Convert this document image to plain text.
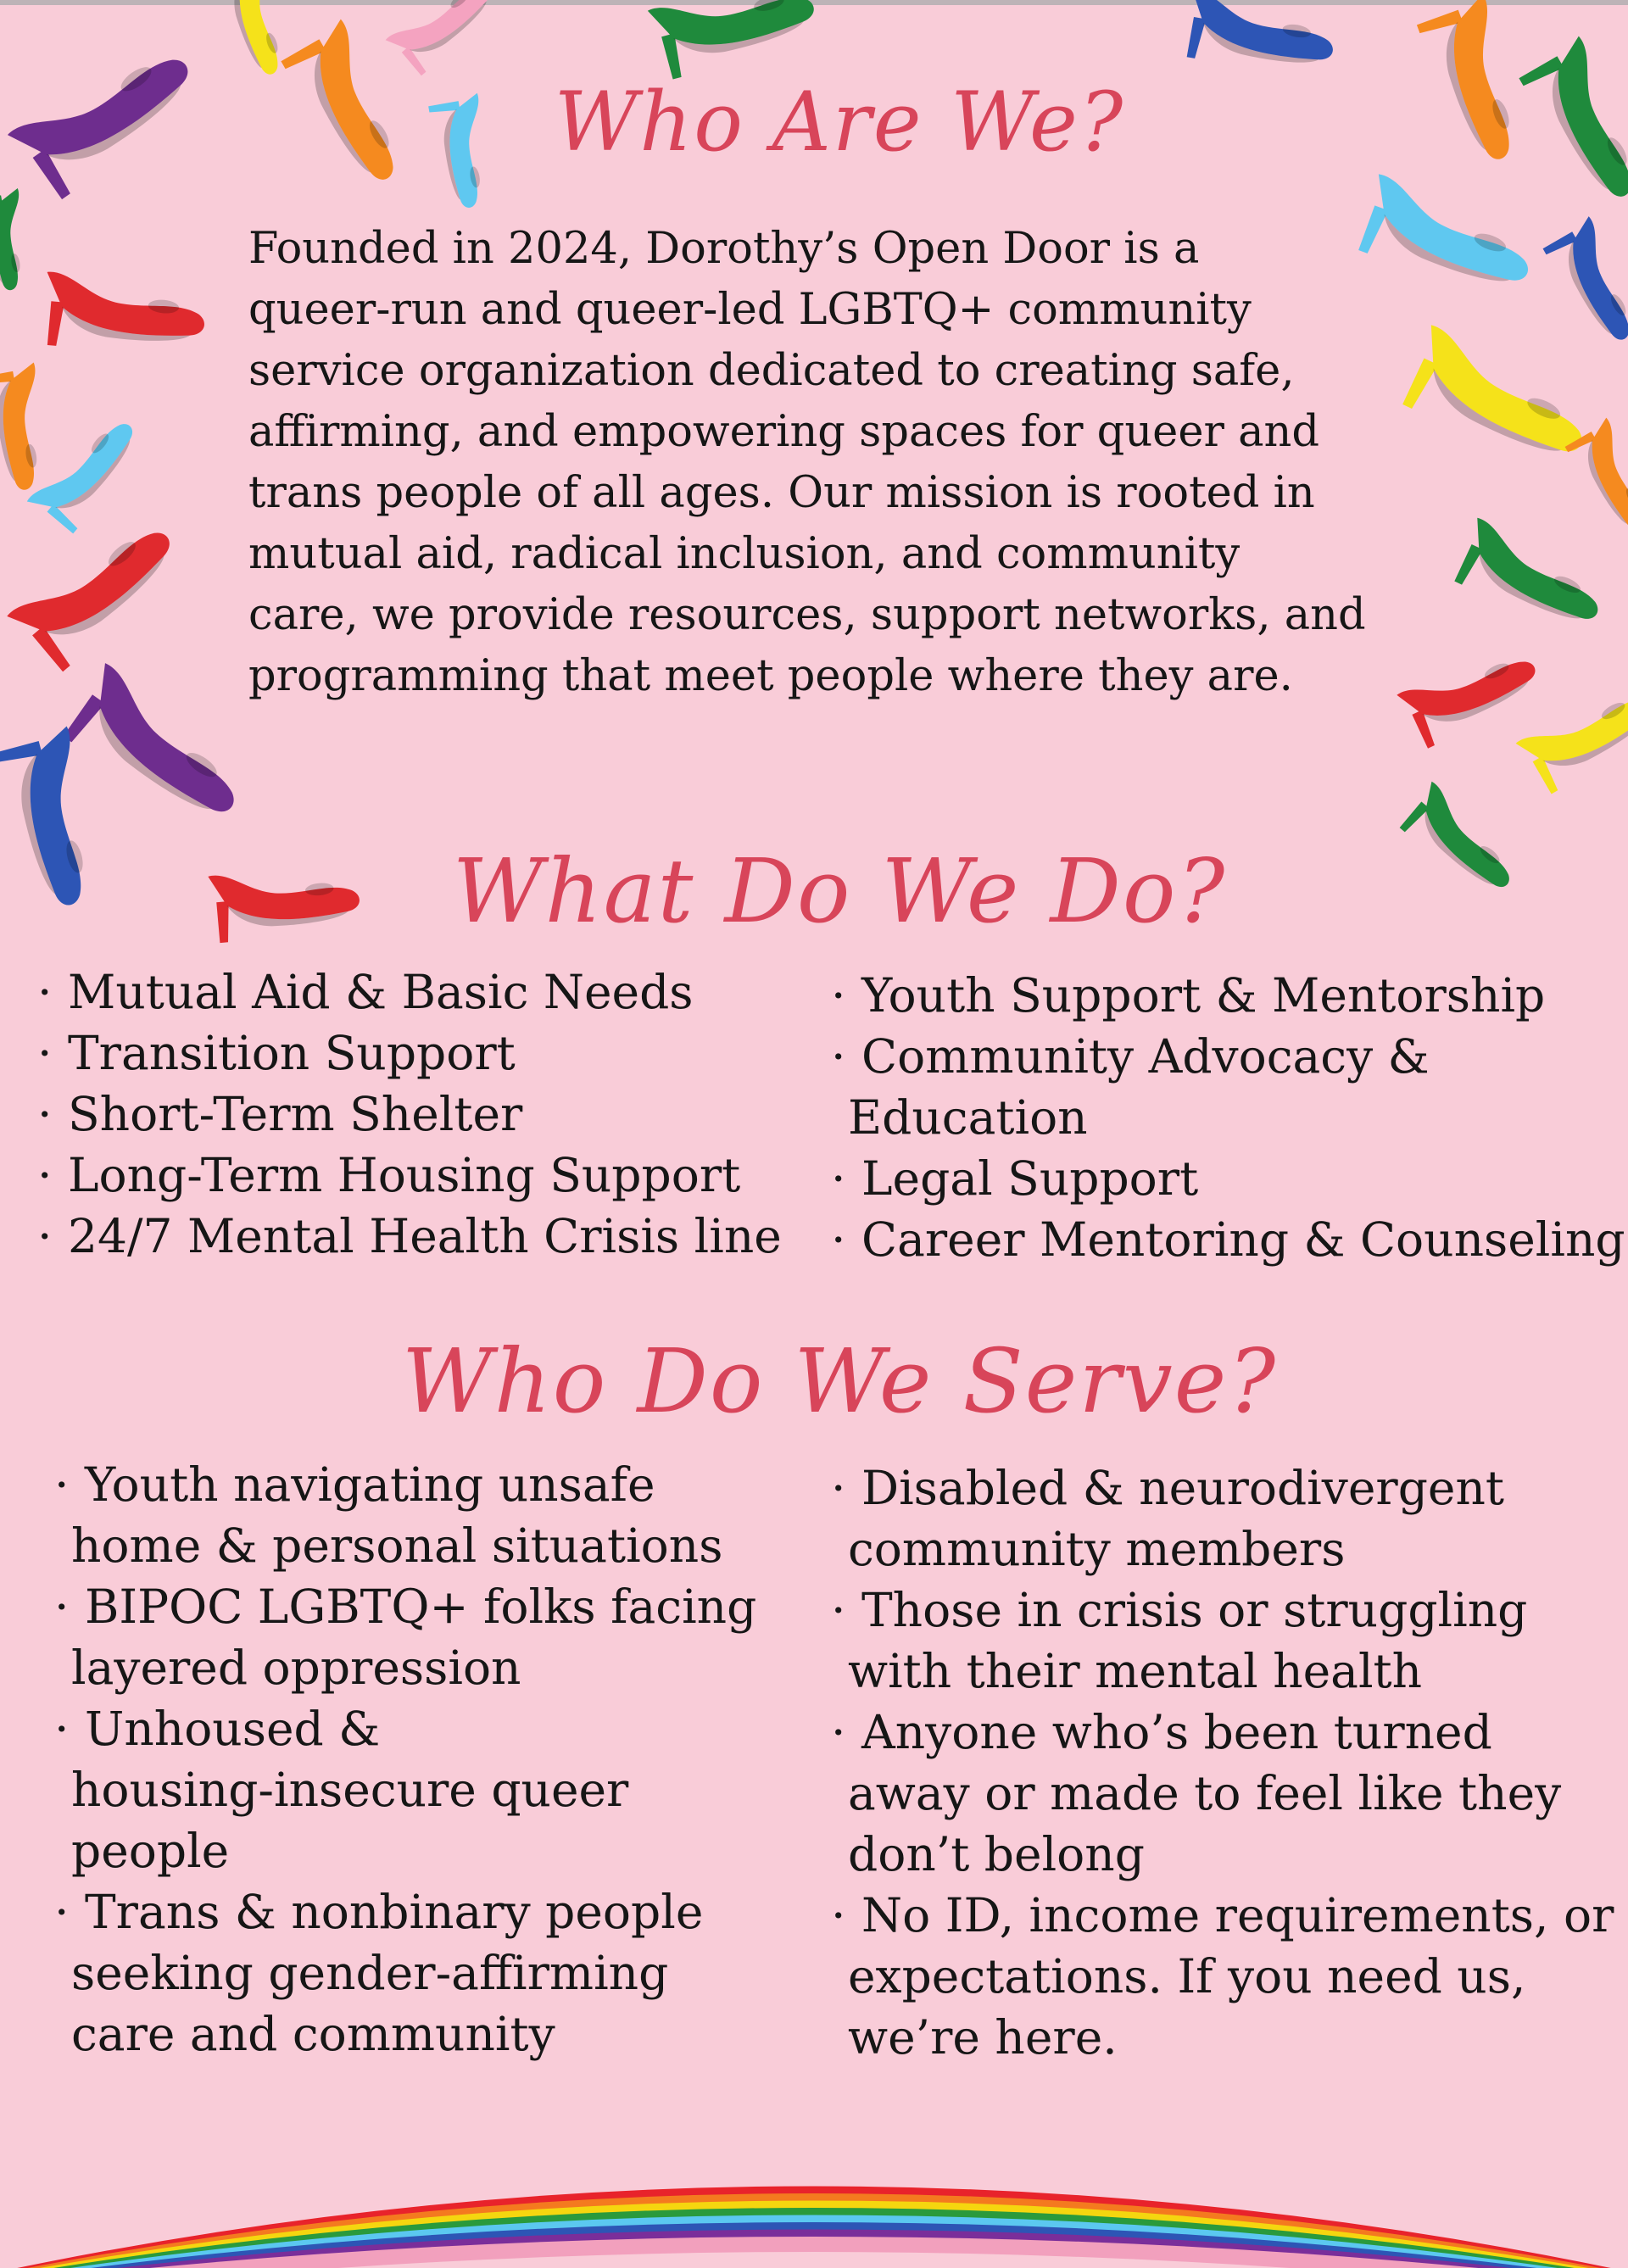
Who Are We?

Founded in 2024, Dorothy’s Open Door is a
queer-run and queer-led LGBTQ+ community
service organization dedicated to creating safe,
affirming, and empowering spaces for queer and
trans people of all ages. Our mission is rooted in
mutual aid, radical inclusion, and community
care, we provide resources, support networks, and
programming that meet people where they are.

What Do We Do?
· Mutual Aid & Basic Needs
· Transition Support
· Short-Term Shelter
· Long-Term Housing Support
· 24/7 Mental Health Crisis line
· Youth Support & Mentorship
· Community Advocacy &
Education
· Legal Support
· Career Mentoring & Counseling
Who Do We Serve?
· Youth navigating unsafe
home & personal situations
· BIPOC LGBTQ+ folks facing
layered oppression
· Unhoused &
housing-insecure queer
people
· Trans & nonbinary people
seeking gender-affirming
care and community
· Disabled & neurodivergent
community members
· Those in crisis or struggling
with their mental health
· Anyone who’s been turned
away or made to feel like they
don’t belong
· No ID, income requirements, or
expectations. If you need us,
we’re here.
